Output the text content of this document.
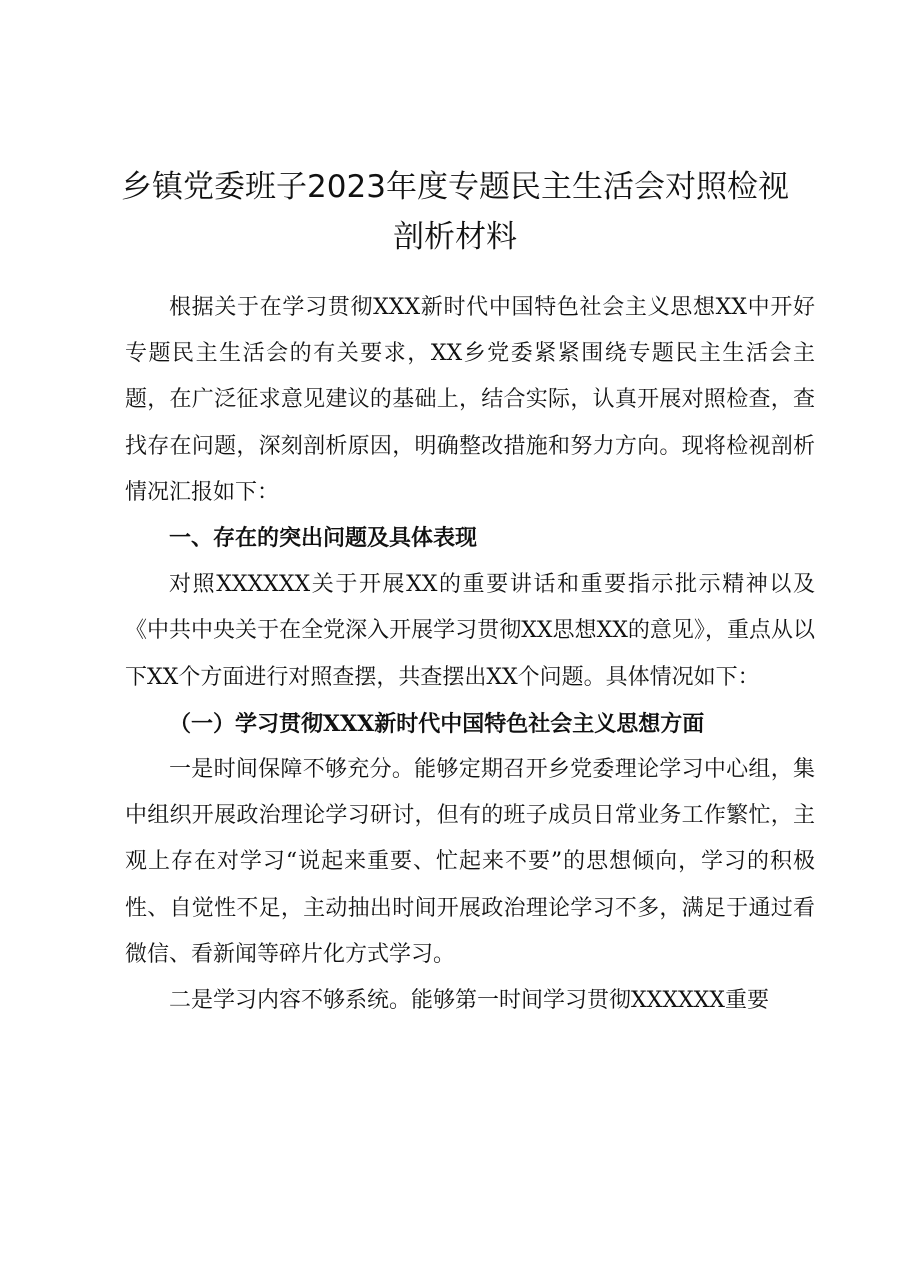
乡镇党委班子2023年度专题民主生活会对照检视剖析材料

根据关于在学习贯彻XXX新时代中国特色社会主义思想XX中开好专题民主生活会的有关要求，XX乡党委紧紧围绕专题民主生活会主题，在广泛征求意见建议的基础上，结合实际，认真开展对照检查，查找存在问题，深刻剖析原因，明确整改措施和努力方向。现将检视剖析情况汇报如下：

一、存在的突出问题及具体表现

对照XXXXXX关于开展XX的重要讲话和重要指示批示精神以及《中共中央关于在全党深入开展学习贯彻XX思想XX的意见》，重点从以下XX个方面进行对照查摆，共查摆出XX个问题。具体情况如下：

（一）学习贯彻XXX新时代中国特色社会主义思想方面

一是时间保障不够充分。能够定期召开乡党委理论学习中心组，集中组织开展政治理论学习研讨，但有的班子成员日常业务工作繁忙，主观上存在对学习“说起来重要、忙起来不要”的思想倾向，学习的积极性、自觉性不足，主动抽出时间开展政治理论学习不多，满足于通过看微信、看新闻等碎片化方式学习。

二是学习内容不够系统。能够第一时间学习贯彻XXXXXX重要
